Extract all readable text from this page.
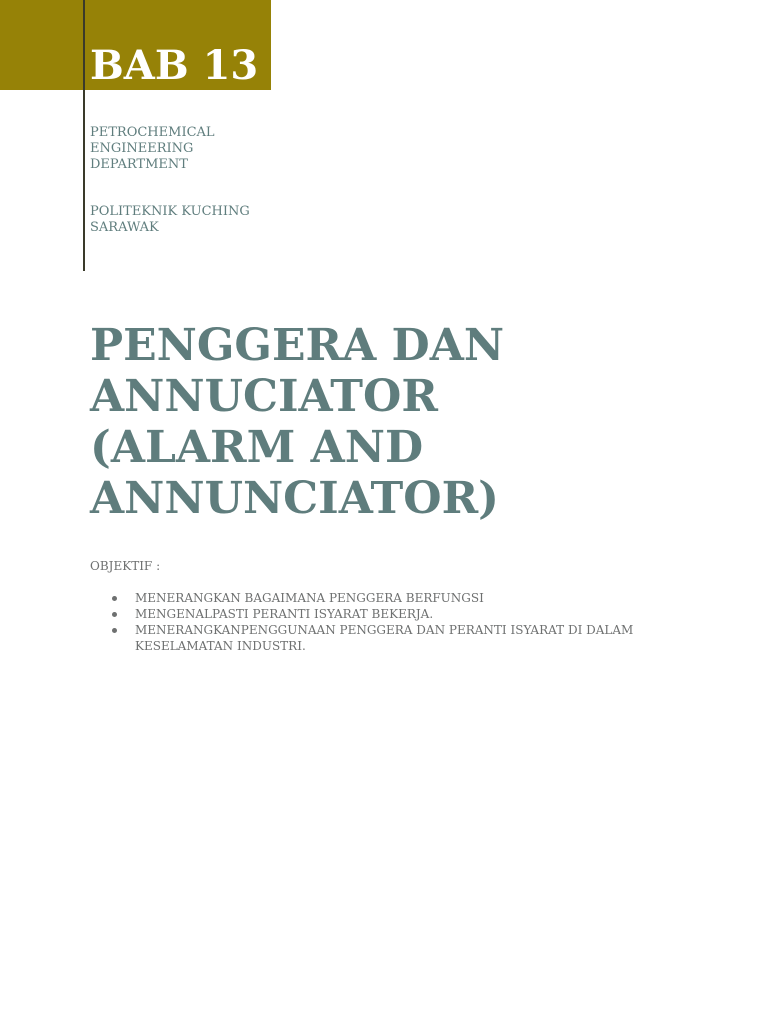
BAB 13

PETROCHEMICAL
ENGINEERING
DEPARTMENT

POLITEKNIK KUCHING
SARAWAK

PENGGERA DAN
ANNUCIATOR
(ALARM AND
ANNUNCIATOR)

OBJEKTIF :

MENERANGKAN BAGAIMANA PENGGERA BERFUNGSI
MENGENALPASTI PERANTI ISYARAT BEKERJA.
MENERANGKANPENGGUNAAN PENGGERA DAN PERANTI ISYARAT DI DALAM KESELAMATAN INDUSTRI.
